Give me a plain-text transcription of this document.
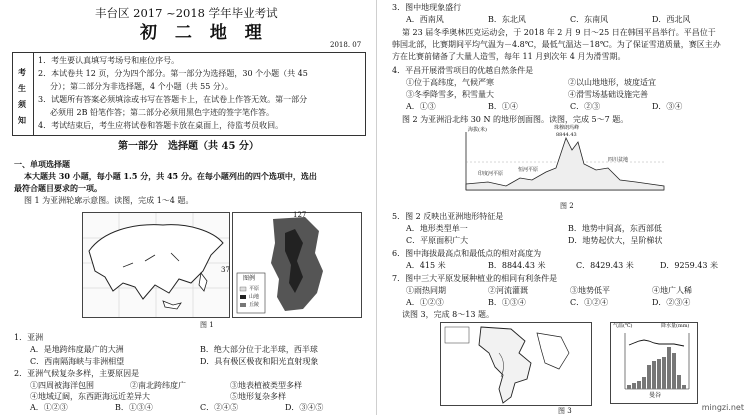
丰台区 2017 ~2018 学年毕业考试
初 二 地 理
2018. 07
考
生
须
知
1．考生要认真填写考场号和座位序号。
2．本试卷共 12 页，分为四个部分。第一部分为选择题，30 个小题（共 45
分）；第二部分为非选择题，4 个小题（共 55 分）。
3．试题所有答案必须填涂或书写在答题卡上，在试卷上作答无效。第一部分
必须用 2B 铅笔作答；第二部分必须用黑色字迹的签字笔作答。
4．考试结束后，考生应将试卷和答题卡放在桌面上，待监考员收回。
第一部分　选择题（共 45 分）
一、单项选择题
本大题共 30 小题，每小题 1.5 分，共 45 分。在每小题列出的四个选项中，选出
最符合题目要求的一项。
图 1 为亚洲轮廓示意图。读图，完成 1～4 题。
127
37
图例
平原
山地
丘陵
图 1
1．亚洲
A．是地跨纬度最广的大洲	B．绝大部分位于北半球，西半球
C．西南隔海峡与非洲相望	D．具有极区极夜和阳光直射现象
2．亚洲气候复杂多样，主要原因是
①四周被海洋包围	②南北跨纬度广	③地表植被类型多样
④地域辽阔，东西距海远近差异大	⑤地形复杂多样
A．①②③	B．①③④	C．②④⑤	D．③④⑤
3．图中地现象盛行
A．西南风	B．东北风	C．东南风	D．西北风
第 23 届冬季奥林匹克运动会，于 2018 年 2 月 9 日～25 日在韩国平昌举行。平昌位于
韩国北部，比赛期间平均气温为－4.8℃，最低气温达－18℃。为了保证雪道质量，赛区主办
方在比赛前储备了大量人造雪，每年 11 月到次年 4 月为滑雪期。
4．平昌开展滑雪项目的优越自然条件是
①位于高纬度，气候严寒	②以山地地形，坡度适宜
③冬季降雪多，积雪量大	④滑雪场基础设施完善
A．①③	B．①④	C．②③	D．③④
图 2 为亚洲沿北纬 30 N 的地形剖面图。读图，完成 5～7 题。
珠穆朗玛峰
8844.43
印度河平原
恒河平原
四川盆地
海拔(米)
图 2
5．图 2 反映出亚洲地形特征是
A．地形类型单一	B．地势中间高，东西部低
C．平原面积广大	D．地势起伏大，呈阶梯状
6．图中海拔最高点和最低点的相对高度为
A．415 米	B．8844.43 米	C．8429.43 米	D．9259.43 米
7．图中三大平原发展种植业的相同有利条件是
①雨热同期	②河流灌溉	③地势低平	④地广人稀
A．①②③	B．①③④	C．①②④	D．②③④
读图 3，完成 8～13 题。
气温(℃)	降水量(mm)
曼谷
图 3	mingzi.net
